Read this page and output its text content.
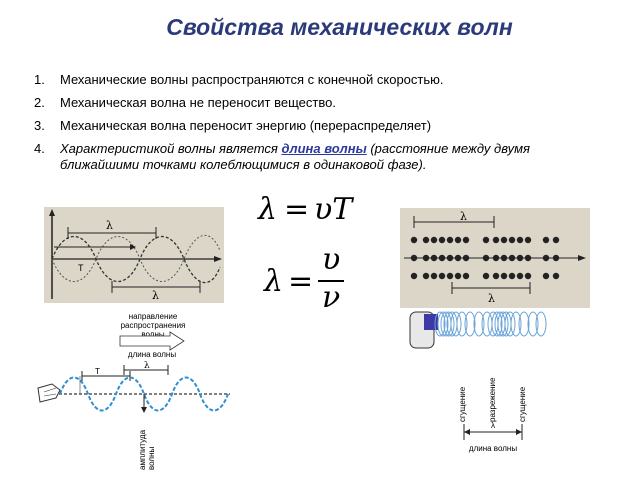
Свойства механических волн
1. Механические волны распространяются с конечной скоростью.
2. Механическая волна не переносит вещество.
3. Механическая волна переносит энергию (перераспределяет)
4. Характеристикой волны является длина волны (расстояние между двумя ближайшими точками колеблющимися в одинаковой фазе).
λ
T
λ
λ = υT
λ =
υ
ν
λ
λ
направление распространения волны
длина волны
T
λ
амплитуда волны
сгущение	разрежение	сгущение
λ
длина волны
